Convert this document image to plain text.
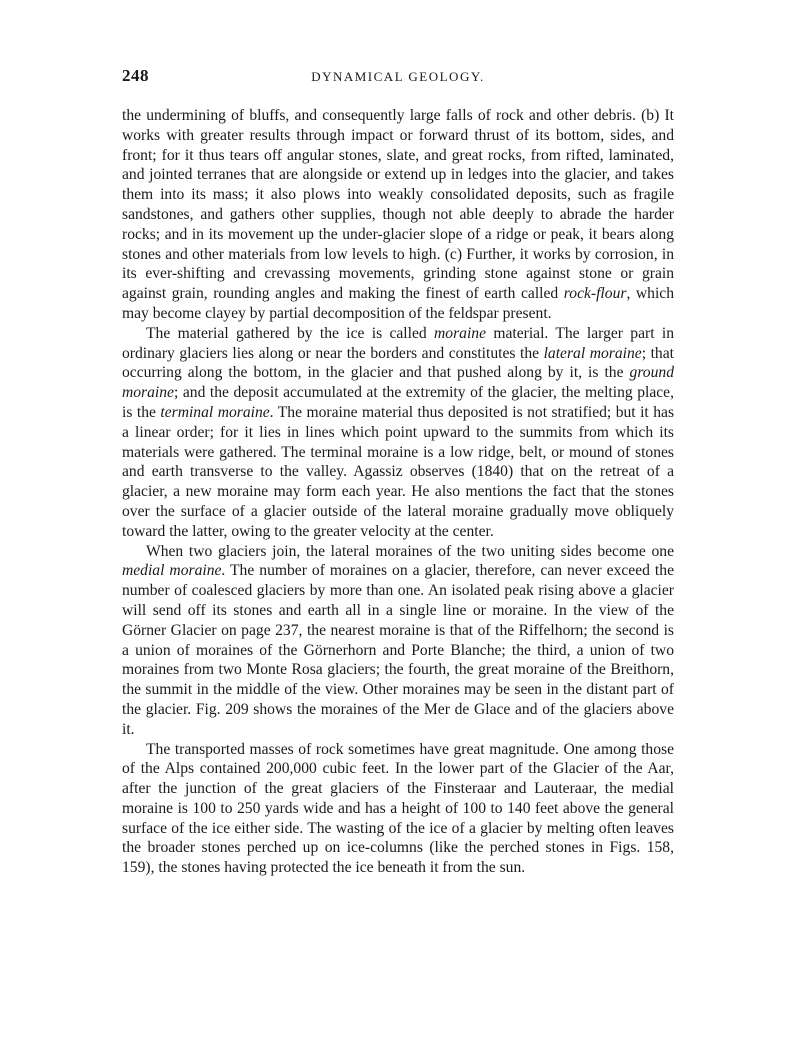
248	DYNAMICAL GEOLOGY.

the undermining of bluffs, and consequently large falls of rock and other debris. (b) It works with greater results through impact or forward thrust of its bottom, sides, and front; for it thus tears off angular stones, slate, and great rocks, from rifted, laminated, and jointed terranes that are alongside or extend up in ledges into the glacier, and takes them into its mass; it also plows into weakly consolidated deposits, such as fragile sandstones, and gathers other supplies, though not able deeply to abrade the harder rocks; and in its movement up the under-glacier slope of a ridge or peak, it bears along stones and other materials from low levels to high. (c) Further, it works by corrosion, in its ever-shifting and crevassing movements, grinding stone against stone or grain against grain, rounding angles and making the finest of earth called rock-flour, which may become clayey by partial decomposition of the feldspar present.

The material gathered by the ice is called moraine material. The larger part in ordinary glaciers lies along or near the borders and constitutes the lateral moraine; that occurring along the bottom, in the glacier and that pushed along by it, is the ground moraine; and the deposit accumulated at the extremity of the glacier, the melting place, is the terminal moraine. The moraine material thus deposited is not stratified; but it has a linear order; for it lies in lines which point upward to the summits from which its materials were gathered. The terminal moraine is a low ridge, belt, or mound of stones and earth transverse to the valley. Agassiz observes (1840) that on the retreat of a glacier, a new moraine may form each year. He also mentions the fact that the stones over the surface of a glacier outside of the lateral moraine gradually move obliquely toward the latter, owing to the greater velocity at the center.

When two glaciers join, the lateral moraines of the two uniting sides become one medial moraine. The number of moraines on a glacier, therefore, can never exceed the number of coalesced glaciers by more than one. An isolated peak rising above a glacier will send off its stones and earth all in a single line or moraine. In the view of the Görner Glacier on page 237, the nearest moraine is that of the Riffelhorn; the second is a union of moraines of the Görnerhorn and Porte Blanche; the third, a union of two moraines from two Monte Rosa glaciers; the fourth, the great moraine of the Breithorn, the summit in the middle of the view. Other moraines may be seen in the distant part of the glacier. Fig. 209 shows the moraines of the Mer de Glace and of the glaciers above it.

The transported masses of rock sometimes have great magnitude. One among those of the Alps contained 200,000 cubic feet. In the lower part of the Glacier of the Aar, after the junction of the great glaciers of the Finsteraar and Lauteraar, the medial moraine is 100 to 250 yards wide and has a height of 100 to 140 feet above the general surface of the ice either side. The wasting of the ice of a glacier by melting often leaves the broader stones perched up on ice-columns (like the perched stones in Figs. 158, 159), the stones having protected the ice beneath it from the sun.
